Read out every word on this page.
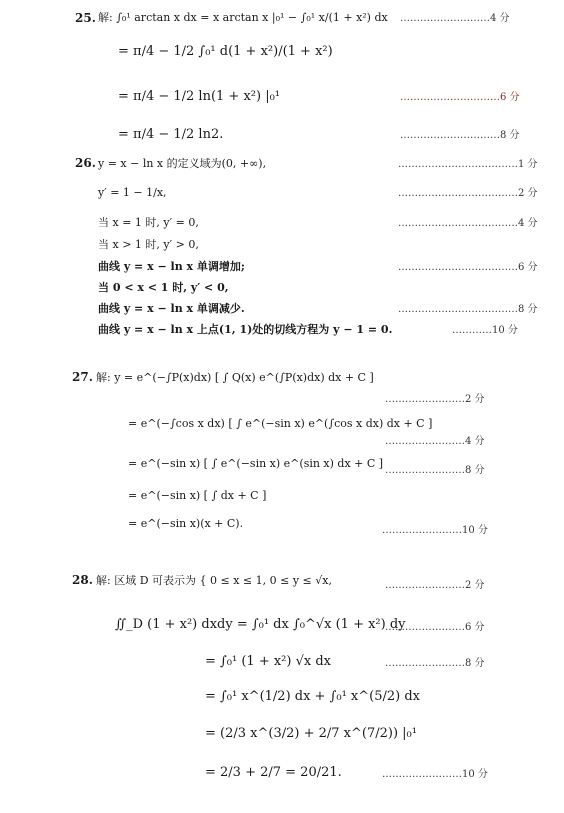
25. 解: ∫₀¹ arctan x dx = x arctan x |₀¹ − ∫₀¹ x/(1 + x²) dx ………………………4 分
= π/4 − 1/2 ∫₀¹ d(1 + x²)/(1 + x²)
= π/4 − 1/2 ln(1 + x²) |₀¹	…………………………6 分
= π/4 − 1/2 ln2.	…………………………8 分
26. y = x − ln x 的定义域为(0, +∞),	………………………………1 分
y′ = 1 − 1/x,	………………………………2 分
当 x = 1 时, y′ = 0,	………………………………4 分
当 x > 1 时, y′ > 0,
曲线 y = x − ln x 单调增加;	………………………………6 分
当 0 < x < 1 时, y′ < 0,
曲线 y = x − ln x 单调减少.	………………………………8 分
曲线 y = x − ln x 上点(1, 1)处的切线方程为 y − 1 = 0.	…………10 分
27. 解: y = e^(−∫P(x)dx) [ ∫ Q(x) e^(∫P(x)dx) dx + C ]
……………………2 分
= e^(−∫cos x dx) [ ∫ e^(−sin x) e^(∫cos x dx) dx + C ]
……………………4 分
= e^(−sin x) [ ∫ e^(−sin x) e^(sin x) dx + C ]
……………………8 分
= e^(−sin x) [ ∫ dx + C ]
= e^(−sin x)(x + C).
……………………10 分
28. 解: 区域 D 可表示为 { 0 ≤ x ≤ 1, 0 ≤ y ≤ √x,	……………………2 分
∬_D (1 + x²) dxdy = ∫₀¹ dx ∫₀^√x (1 + x²) dy
……………………6 分
= ∫₀¹ (1 + x²) √x dx	……………………8 分
= ∫₀¹ x^(1/2) dx + ∫₀¹ x^(5/2) dx
= (2/3 x^(3/2) + 2/7 x^(7/2)) |₀¹
= 2/3 + 2/7 = 20/21.	……………………10 分
